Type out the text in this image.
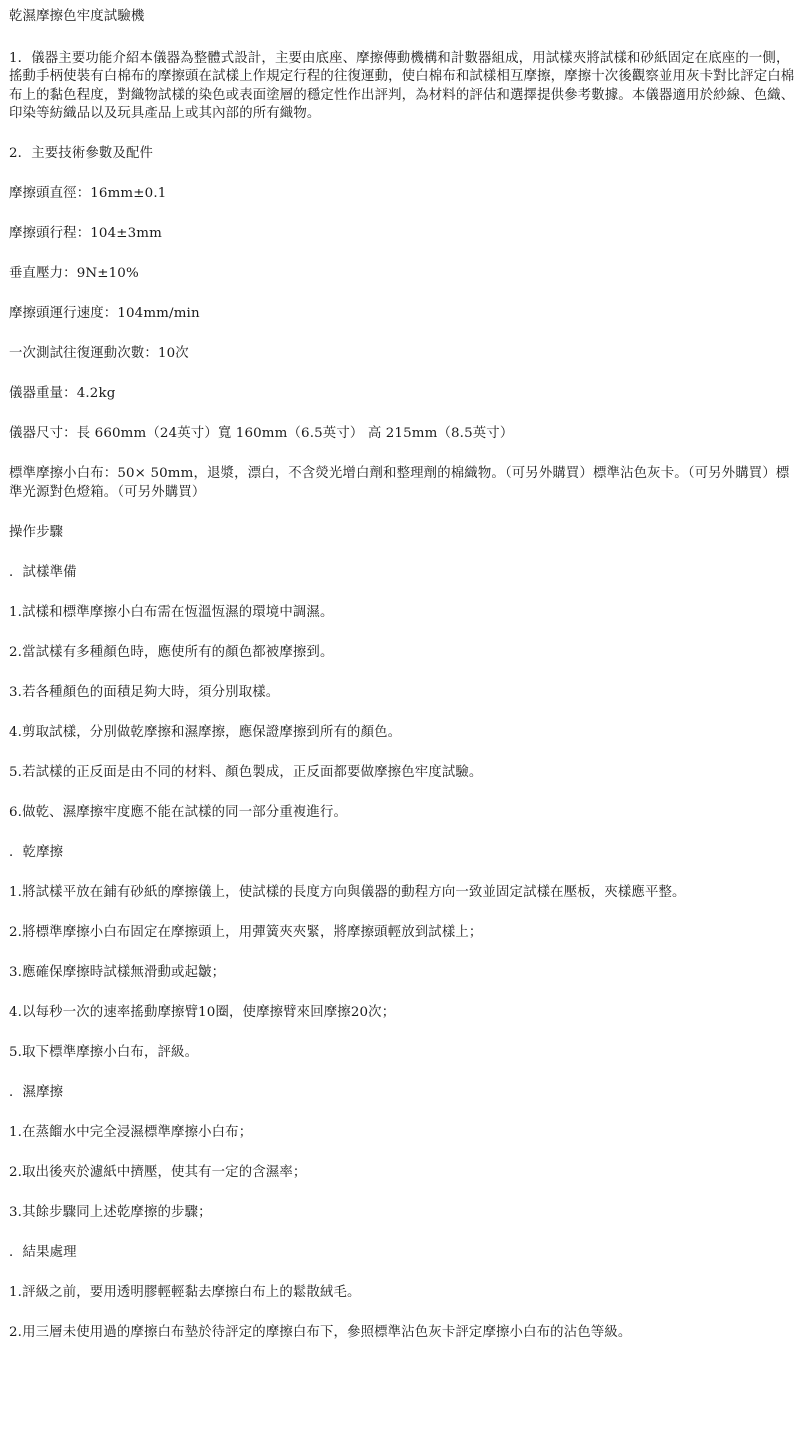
乾濕摩擦色牢度試驗機

1．儀器主要功能介紹本儀器為整體式設計，主要由底座、摩擦傳動機構和計數器組成，用試樣夾將試樣和砂紙固定在底座的一側，搖動手柄使裝有白棉布的摩擦頭在試樣上作規定行程的往復運動，使白棉布和試樣相互摩擦，摩擦十次後觀察並用灰卡對比評定白棉布上的黏色程度，對織物試樣的染色或表面塗層的穩定性作出評判，為材料的評估和選擇提供參考數據。本儀器適用於紗線、色織、印染等紡織品以及玩具產品上或其內部的所有織物。

2．主要技術參數及配件

摩擦頭直徑：16mm±0.1

摩擦頭行程：104±3mm

垂直壓力：9N±10%

摩擦頭運行速度：104mm/min

一次測試往復運動次數：10次

儀器重量：4.2kg

儀器尺寸：長 660mm（24英寸）寬 160mm（6.5英寸） 高 215mm（8.5英寸）

標準摩擦小白布：50× 50mm，退漿，漂白，不含熒光增白劑和整理劑的棉織物。（可另外購買）標準沾色灰卡。（可另外購買）標準光源對色燈箱。（可另外購買）

操作步驟

．試樣準備

1.試樣和標準摩擦小白布需在恆溫恆濕的環境中調濕。

2.當試樣有多種顏色時，應使所有的顏色都被摩擦到。

3.若各種顏色的面積足夠大時，須分別取樣。

4.剪取試樣，分別做乾摩擦和濕摩擦，應保證摩擦到所有的顏色。

5.若試樣的正反面是由不同的材料、顏色製成，正反面都要做摩擦色牢度試驗。

6.做乾、濕摩擦牢度應不能在試樣的同一部分重複進行。

．乾摩擦

1.將試樣平放在鋪有砂紙的摩擦儀上，使試樣的長度方向與儀器的動程方向一致並固定試樣在壓板，夾樣應平整。

2.將標準摩擦小白布固定在摩擦頭上，用彈簧夾夾緊，將摩擦頭輕放到試樣上；

3.應確保摩擦時試樣無滑動或起皺；

4.以每秒一次的速率搖動摩擦臂10圈，使摩擦臂來回摩擦20次；

5.取下標準摩擦小白布，評級。

．濕摩擦

1.在蒸餾水中完全浸濕標準摩擦小白布；

2.取出後夾於濾紙中擠壓，使其有一定的含濕率；

3.其餘步驟同上述乾摩擦的步驟；

．結果處理

1.評級之前，要用透明膠輕輕黏去摩擦白布上的鬆散絨毛。

2.用三層未使用過的摩擦白布墊於待評定的摩擦白布下，參照標準沾色灰卡評定摩擦小白布的沾色等級。
